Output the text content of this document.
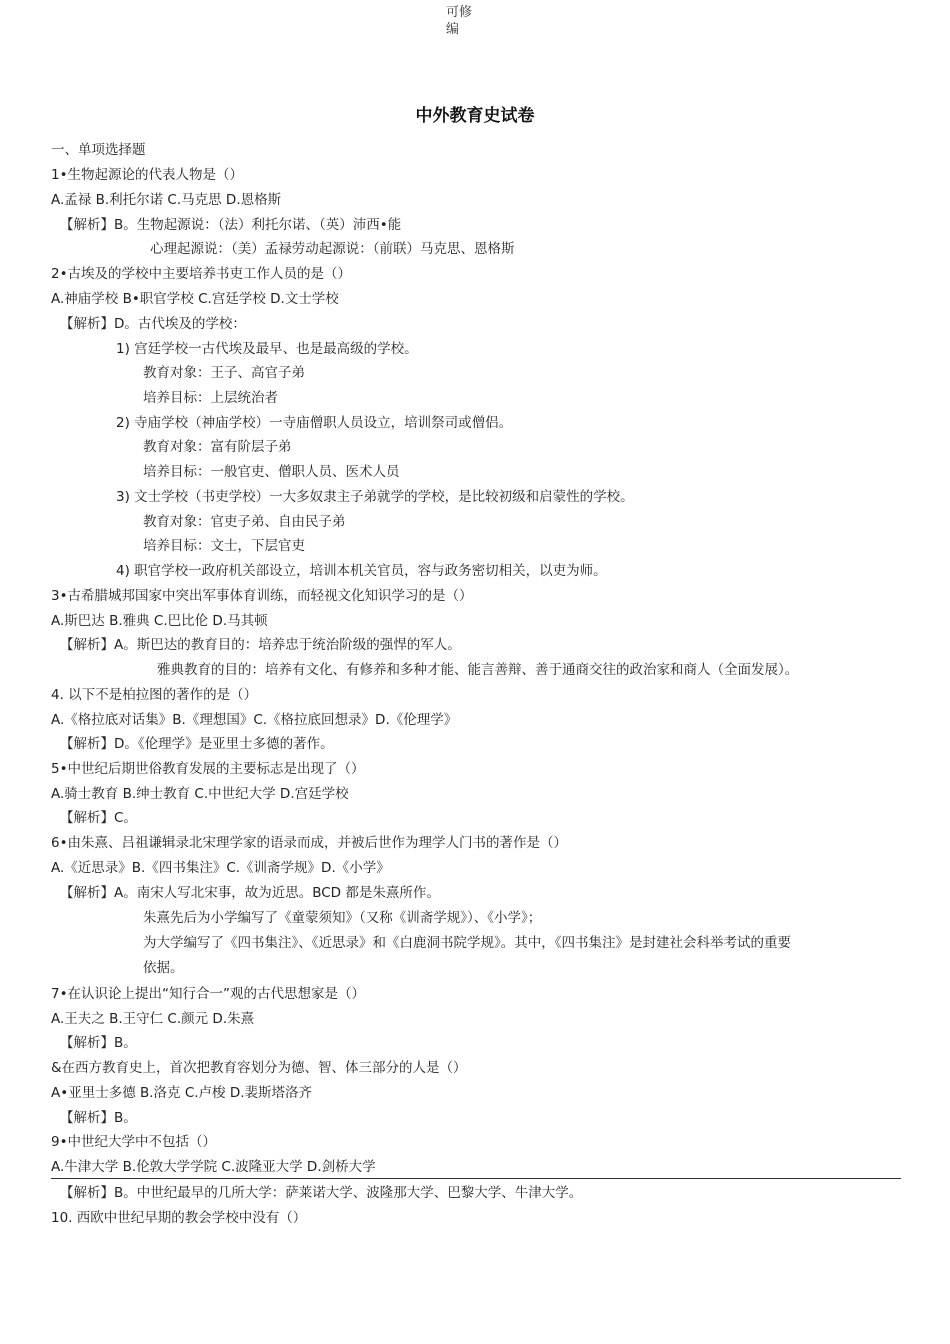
可修
编
中外教育史试卷
一、单项选择题
1•生物起源论的代表人物是（）
A.孟禄 B.利托尔诺 C.马克思 D.恩格斯
【解析】B。生物起源说：（法）利托尔诺、（英）沛西•能
心理起源说：（美）孟禄劳动起源说：（前联）马克思、恩格斯
2•古埃及的学校中主要培养书吏工作人员的是（）
A.神庙学校 B•职官学校 C.宫廷学校 D.文士学校
【解析】D。古代埃及的学校：
1) 宫廷学校一古代埃及最早、也是最高级的学校。
教育对象：王子、高官子弟
培养目标：上层统治者
2) 寺庙学校（神庙学校）一寺庙僧职人员设立，培训祭司或僧侣。
教育对象：富有阶层子弟
培养目标：一般官吏、僧职人员、医术人员
3) 文士学校（书吏学校）一大多奴隶主子弟就学的学校，是比较初级和启蒙性的学校。
教育对象：官吏子弟、自由民子弟
培养目标：文士，下层官吏
4) 职官学校一政府机关部设立，培训本机关官员，容与政务密切相关，以吏为师。
3•古希腊城邦国家中突出军事体育训练，而轻视文化知识学习的是（）
A.斯巴达 B.雅典 C.巴比伦 D.马其顿
【解析】A。斯巴达的教育目的：培养忠于统治阶级的强悍的军人。
雅典教育的目的：培养有文化、有修养和多种才能、能言善辩、善于通商交往的政治家和商人（全面发展）。
4. 以下不是柏拉图的著作的是（）
A.《格拉底对话集》B.《理想国》C.《格拉底回想录》D.《伦理学》
【解析】D。《伦理学》是亚里士多德的著作。
5•中世纪后期世俗教育发展的主要标志是出现了（）
A.骑士教育 B.绅士教育 C.中世纪大学 D.宫廷学校
【解析】C。
6•由朱熹、吕祖谦辑录北宋理学家的语录而成，并被后世作为理学人门书的著作是（）
A.《近思录》B.《四书集注》C.《训斋学规》D.《小学》
【解析】A。南宋人写北宋事，故为近思。BCD 都是朱熹所作。
朱熹先后为小学编写了《童蒙须知》（又称《训斋学规》）、《小学》；
为大学编写了《四书集注》、《近思录》和《白鹿洞书院学规》。其中，《四书集注》是封建社会科举考试的重要
依据。
7•在认识论上提出“知行合一”观的古代思想家是（）
A.王夫之 B.王守仁 C.颜元 D.朱熹
【解析】B。
&在西方教育史上，首次把教育容划分为德、智、体三部分的人是（）
A•亚里士多德 B.洛克 C.卢梭 D.裴斯塔洛齐
【解析】B。
9•中世纪大学中不包括（）
A.牛津大学 B.伦敦大学学院 C.波隆亚大学 D.剑桥大学
【解析】B。中世纪最早的几所大学：萨莱诺大学、波隆那大学、巴黎大学、牛津大学。
10. 西欧中世纪早期的教会学校中没有（）
